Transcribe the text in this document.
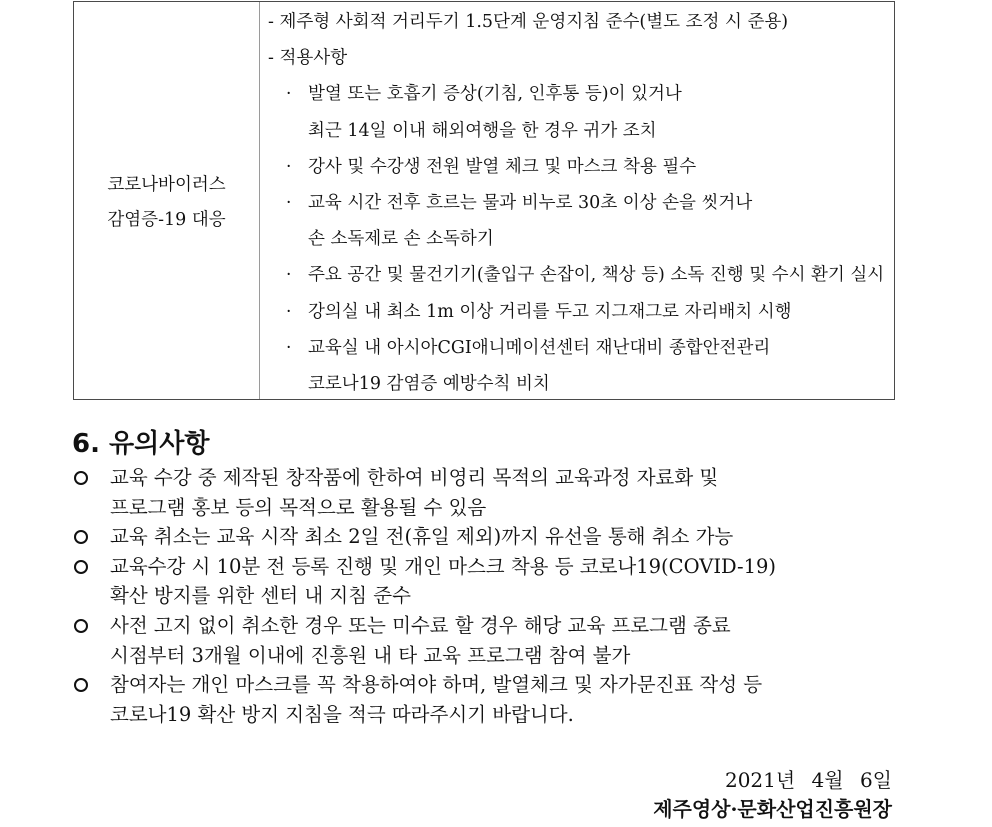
코로나바이러스
감염증-19 대응
- 제주형 사회적 거리두기 1.5단계 운영지침 준수(별도 조정 시 준용)
- 적용사항
· 발열 또는 호흡기 증상(기침, 인후통 등)이 있거나
최근 14일 이내 해외여행을 한 경우 귀가 조치
· 강사 및 수강생 전원 발열 체크 및 마스크 착용 필수
· 교육 시간 전후 흐르는 물과 비누로 30초 이상 손을 씻거나
손 소독제로 손 소독하기
· 주요 공간 및 물건기기(출입구 손잡이, 책상 등) 소독 진행 및 수시 환기 실시
· 강의실 내 최소 1m 이상 거리를 두고 지그재그로 자리배치 시행
· 교육실 내 아시아CGI애니메이션센터 재난대비 종합안전관리
코로나19 감염증 예방수칙 비치
6. 유의사항
교육 수강 중 제작된 창작품에 한하여 비영리 목적의 교육과정 자료화 및
프로그램 홍보 등의 목적으로 활용될 수 있음
교육 취소는 교육 시작 최소 2일 전(휴일 제외)까지 유선을 통해 취소 가능
교육수강 시 10분 전 등록 진행 및 개인 마스크 착용 등 코로나19(COVID-19)
확산 방지를 위한 센터 내 지침 준수
사전 고지 없이 취소한 경우 또는 미수료 할 경우 해당 교육 프로그램 종료
시점부터 3개월 이내에 진흥원 내 타 교육 프로그램 참여 불가
참여자는 개인 마스크를 꼭 착용하여야 하며, 발열체크 및 자가문진표 작성 등
코로나19 확산 방지 지침을 적극 따라주시기 바랍니다.
2021년 4월 6일
제주영상·문화산업진흥원장
